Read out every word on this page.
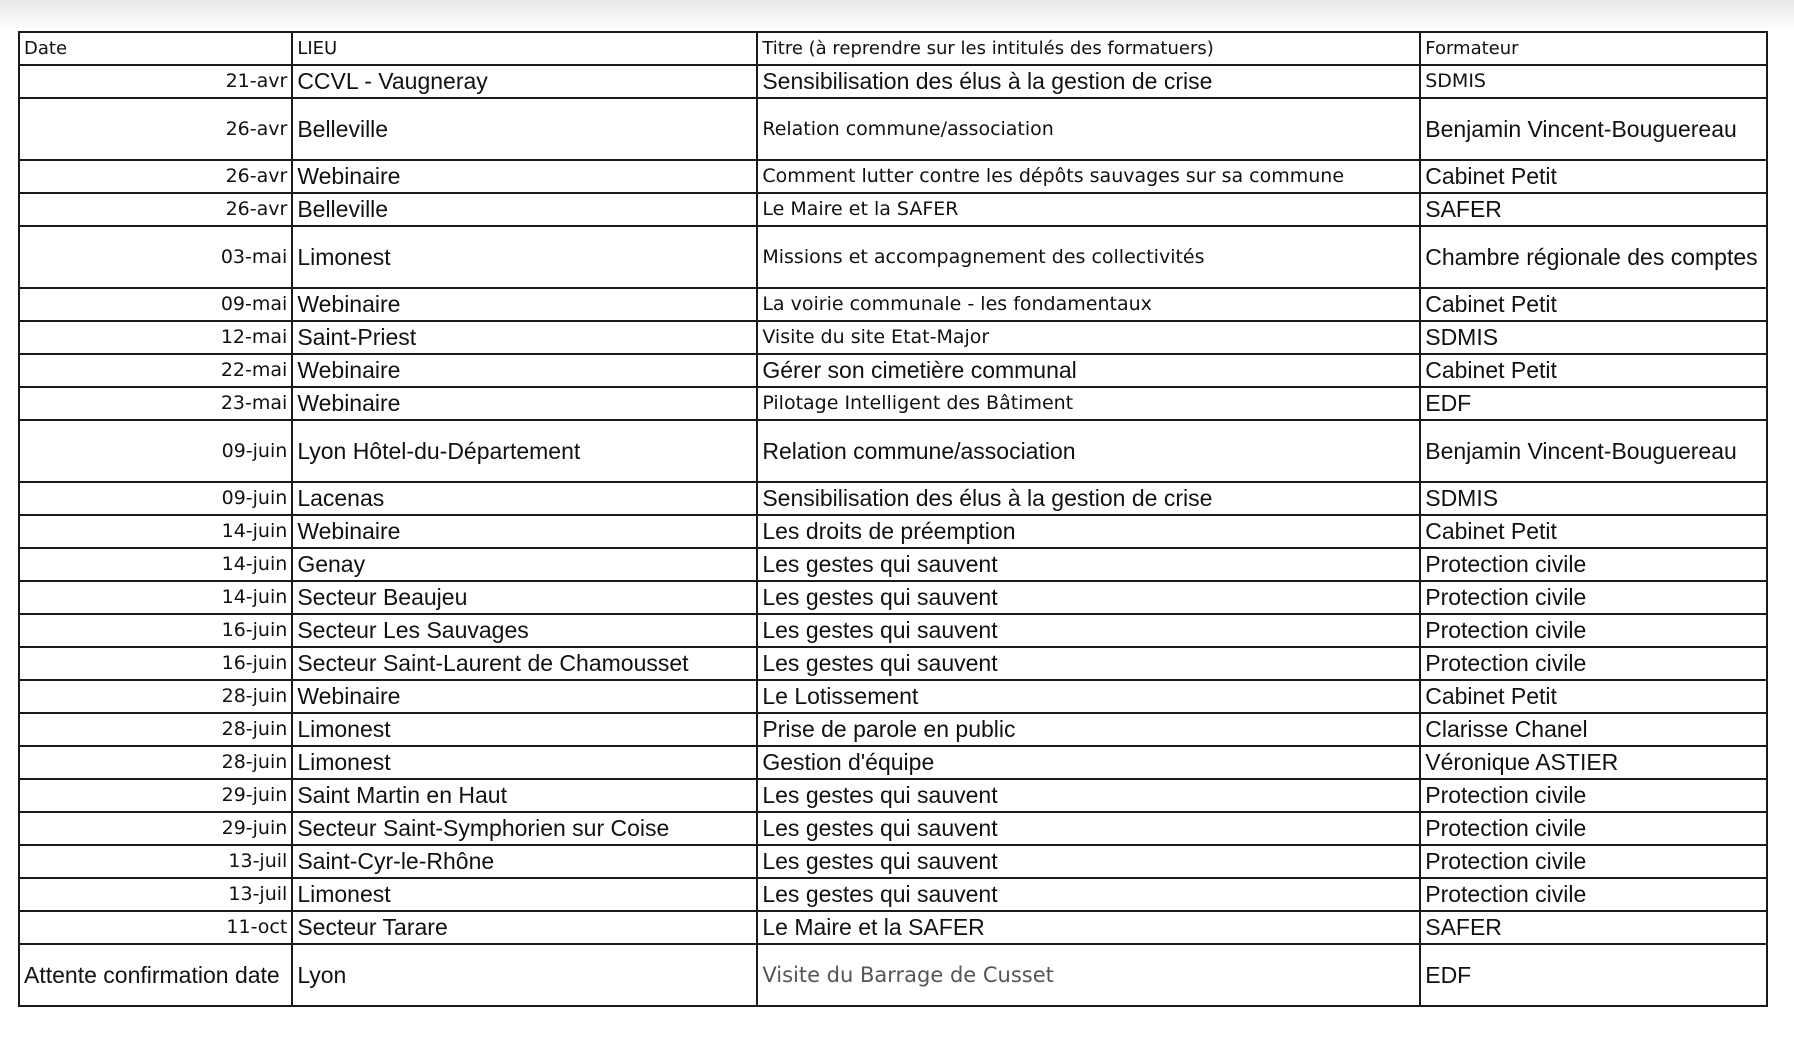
Date	LIEU	Titre (à reprendre sur les intitulés des formatuers)	Formateur
21-avr	CCVL - Vaugneray	Sensibilisation des élus à la gestion de crise	SDMIS
26-avr	Belleville	Relation commune/association	Benjamin Vincent-Bouguereau
26-avr	Webinaire	Comment lutter contre les dépôts sauvages sur sa commune	Cabinet Petit
26-avr	Belleville	Le Maire et la SAFER	SAFER
03-mai	Limonest	Missions et accompagnement des collectivités	Chambre régionale des comptes
09-mai	Webinaire	La voirie communale - les fondamentaux	Cabinet Petit
12-mai	Saint-Priest	Visite du site Etat-Major	SDMIS
22-mai	Webinaire	Gérer son cimetière communal	Cabinet Petit
23-mai	Webinaire	Pilotage Intelligent des Bâtiment	EDF
09-juin	Lyon Hôtel-du-Département	Relation commune/association	Benjamin Vincent-Bouguereau
09-juin	Lacenas	Sensibilisation des élus à la gestion de crise	SDMIS
14-juin	Webinaire	Les droits de préemption	Cabinet Petit
14-juin	Genay	Les gestes qui sauvent	Protection civile
14-juin	Secteur Beaujeu	Les gestes qui sauvent	Protection civile
16-juin	Secteur Les Sauvages	Les gestes qui sauvent	Protection civile
16-juin	Secteur Saint-Laurent de Chamousset	Les gestes qui sauvent	Protection civile
28-juin	Webinaire	Le Lotissement	Cabinet Petit
28-juin	Limonest	Prise de parole en public	Clarisse Chanel
28-juin	Limonest	Gestion d'équipe	Véronique ASTIER
29-juin	Saint Martin en Haut	Les gestes qui sauvent	Protection civile
29-juin	Secteur Saint-Symphorien sur Coise	Les gestes qui sauvent	Protection civile
13-juil	Saint-Cyr-le-Rhône	Les gestes qui sauvent	Protection civile
13-juil	Limonest	Les gestes qui sauvent	Protection civile
11-oct	Secteur Tarare	Le Maire et la SAFER	SAFER
Attente confirmation date	Lyon	Visite du Barrage de Cusset	EDF
